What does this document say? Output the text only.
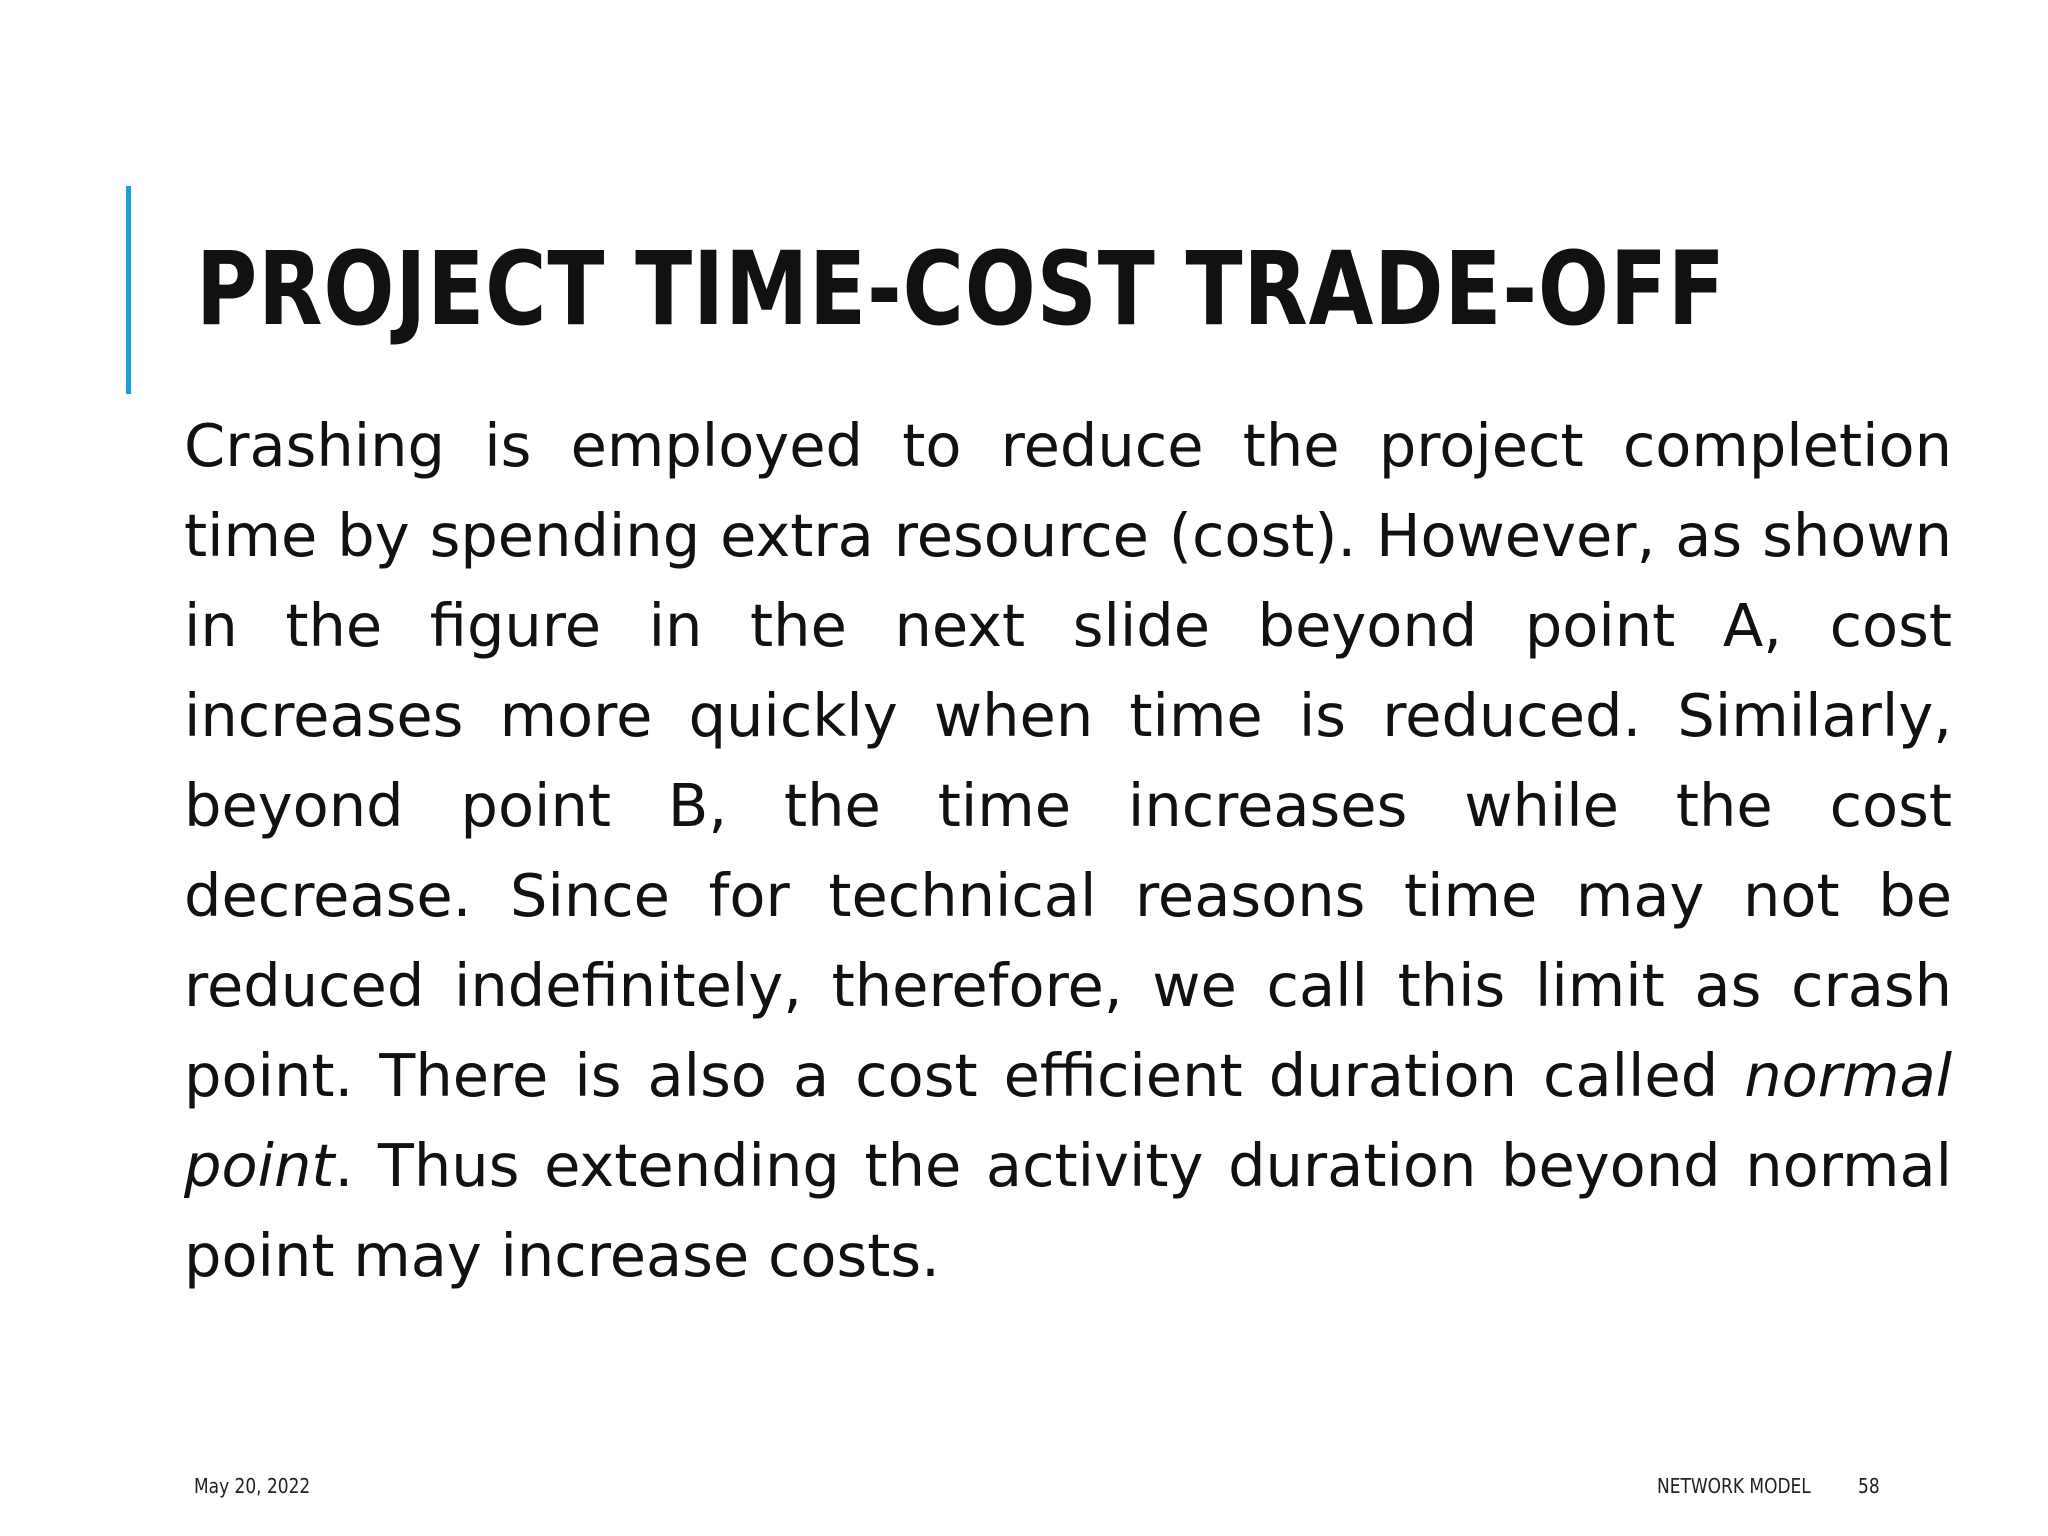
PROJECT TIME-COST TRADE-OFF

Crashing is employed to reduce the project completion time by spending extra resource (cost). However, as shown in the figure in the next slide beyond point A, cost increases more quickly when time is reduced. Similarly, beyond point B, the time increases while the cost decrease. Since for technical reasons time may not be reduced indefinitely, therefore, we call this limit as crash point. There is also a cost efficient duration called normal point. Thus extending the activity duration beyond normal point may increase costs.

May 20, 2022	NETWORK MODEL 58
